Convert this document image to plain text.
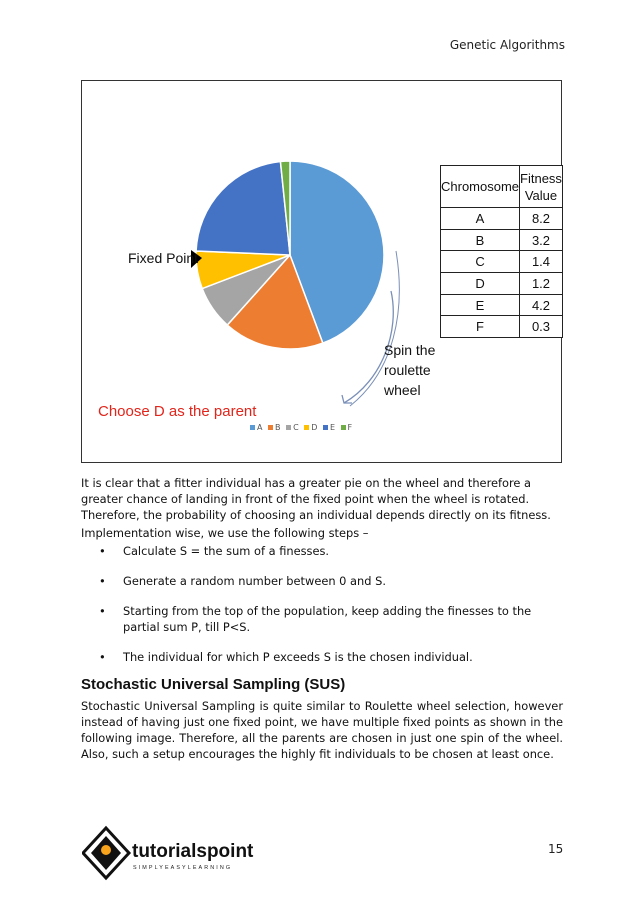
Genetic Algorithms
Chromosome	Fitness Value
A	8.2
B	3.2
C	1.4
D	1.2
E	4.2
F	0.3
Fixed Point
Spin the roulette wheel
Choose D as the parent
A B C D E F

It is clear that a fitter individual has a greater pie on the wheel and therefore a greater chance of landing in front of the fixed point when the wheel is rotated. Therefore, the probability of choosing an individual depends directly on its fitness.

Implementation wise, we use the following steps –

• Calculate S = the sum of a finesses.
• Generate a random number between 0 and S.
• Starting from the top of the population, keep adding the finesses to the partial sum P, till P<S.
• The individual for which P exceeds S is the chosen individual.
Stochastic Universal Sampling (SUS)

Stochastic Universal Sampling is quite similar to Roulette wheel selection, however instead of having just one fixed point, we have multiple fixed points as shown in the following image. Therefore, all the parents are chosen in just one spin of the wheel. Also, such a setup encourages the highly fit individuals to be chosen at least once.

tutorialspoint
SIMPLYEASYLEARNING
15
